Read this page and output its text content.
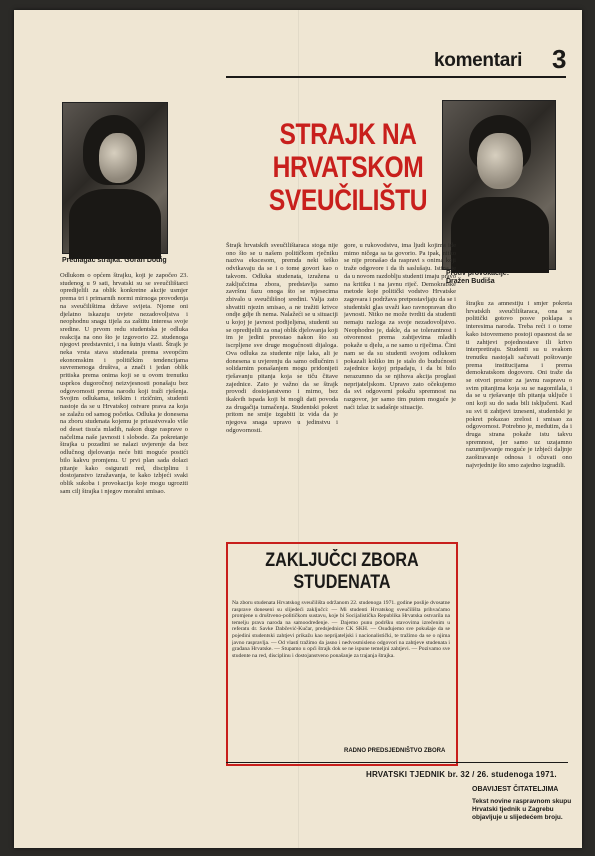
komentari 3
Predlagač štrajka: Goran Dodig
Protiv provokacije: Dražen Budiša
STRAJK NA
HRVATSKOM
SVEUČILIŠTU
Odlukom o općem štrajku, koji je započeo 23. studenog u 9 sati, hrvatski su se sveučilištarci opredijelili za oblik konkretne akcije usmjer prema tri i primarnih normi mirnoga provođenja na sveučilištima države svijeta. Njome oni djelatno iskazuju uvjete nezadovoljstva i neophodnu snagu tijela za zaštitu interesa svoje sredine. U prvom redu studentska je odluka reakcija na ono što je izgovorio 22. studenoga njegovi predstavnici, i na šutnju vlasti. Štrajk je neka vrsta stava studenata prema sveopćim ekonomskim i političkim tendencijama suvremenoga društva, a znači i jedan oblik pritiska prema onima koji se u ovom trenutku usprkos dugoročnoj neizvjesnosti ponašaju bez odgovornosti prema narodu koji traži rješenja. Svojim odlukama, teškim i rizičnim, studenti nastoje da se u Hrvatskoj ostvare prava za koja se zalažu od samog početka. Odluka je donesena na zboru studenata kojemu je prisustvovalo više od deset tisuća mladih, nakon duge rasprave o načelima naše javnosti i slobode. Za pokretanje štrajka u pozadini se nalazi uvjerenje da bez odlučnog djelovanja neće biti moguće postići bilo kakvu promjenu. U prvi plan sada dolazi pitanje kako osigurati red, disciplinu i dostojanstvo izražavanja, te kako izbjeći svaki oblik sukoba i provokacija koje mogu ugroziti sam cilj štrajka i njegov moralni smisao.
Štrajk hrvatskih sveučilištaraca stoga nije ono što se u našem političkom rječniku naziva ekscesom, premda neki teško odvikavaju da se i o tome govori kao o takvom. Odluka studenata, izražena u zaključcima zbora, predstavlja samo završnu fazu onoga što se mjesecima zbivalo u sveučilišnoj sredini. Valja zato shvatiti njezin smisao, a ne tražiti krivce ondje gdje ih nema. Nalažeći se u situaciji u kojoj je javnost podijeljena, studenti su se opredijelili za onaj oblik djelovanja koji im je jedini preostao nakon što su iscrpljene sve druge mogućnosti dijaloga. Ova odluka za studente nije laka, ali je donesena u uvjerenju da samo odlučnim i solidarnim ponašanjem mogu pridonijeti rješavanju pitanja koja se tiču čitave zajednice. Zato je važno da se štrajk provodi dostojanstveno i mirno, bez ikakvih ispada koji bi mogli dati povoda za drugačija tumačenja. Studentski pokret pritom ne smije izgubiti iz vida da je njegova snaga upravo u jedinstvu i odgovornosti.
gore, u rukovodstvu, ima ljudi kojima ide mimo ničega sa ta govorio. Pa ipak, nitko se nije pronašao da raspravi s onima koji traže odgovore i da ih saslušaju. Istina je da u novom razdoblju studenti imaju pravo na kritiku i na javnu riječ. Demokratske metode koje politički vodstvo Hrvatske zagovara i podržava pretpostavljaju da se i studentski glas uvaži kao ravnopravan dio javnosti. Nitko ne može tvrditi da studenti nemaju razloga za svoje nezadovoljstvo. Neophodno je, dakle, da se tolerantnost i otvorenost prema zahtjevima mladih pokaže u djelu, a ne samo u riječima. Čini nam se da su studenti svojom odlukom pokazali koliko im je stalo do budućnosti zajednice kojoj pripadaju, i da bi bilo nerazumno da se njihova akcija proglasi neprijateljskom. Upravo zato očekujemo da svi odgovorni pokažu spremnost na razgovor, jer samo tim putem moguće je naći izlaz iz sadašnje situacije.
štrajku za amnestiju i smjer pokreta hrvatskih sveučilištaraca, ona se politički gotovo posve poklapa s interesima naroda. Treba reći i o tome kako istovremeno postoji opasnost da se ti zahtjevi pojednostave ili krivo interpretiraju. Studenti su u svakom trenutku nastojali sačuvati poštovanje prema institucijama i prema demokratskom dogovoru. Oni traže da se otvori prostor za javnu raspravu o svim pitanjima koja su se nagomilala, i da se u rješavanje tih pitanja uključe i oni koji su do sada bili isključeni. Kad su svi ti zahtjevi izneseni, studentski je pokret pokazao zrelost i smisao za odgovornost. Potrebno je, međutim, da i druga strana pokaže istu takvu spremnost, jer samo uz uzajamno razumijevanje moguće je izbjeći daljnje zaoštravanje odnosa i očuvati ono najvrjednije što smo zajedno izgradili.
ZAKLJUČCI ZBORA
STUDENATA
Na zboru studenata Hrvatskog sveučilišta održanom 22. studenoga 1971. godine poslije dvosatne rasprave doneseni su slijedeći zaključci: — Mi studenti Hrvatskog sveučilišta prihvaćamo promjene u društveno-političkom sustavu, koje bi Socijalistička Republika Hrvatska ostvarila na temelju prava naroda na samoodređenje. — Dajemo punu podršku stavovima izrečenim u referatu dr. Savke Dabčević-Kučar, predsjednice CK SKH. — Osuđujemo sve pokušaje da se pojedini studentski zahtjevi prikažu kao neprijateljski i nacionalistički, te tražimo da se o njima javno raspravlja. — Od vlasti tražimo da jasno i nedvosmisleno odgovori na zahtjeve studenata i građana Hrvatske. — Stupamo u opći štrajk dok se ne ispune temeljni zahtjevi. — Pozivamo sve studente na red, disciplinu i dostojanstveno ponašanje za trajanja štrajka.
RADNO PREDSJEDNIŠTVO ZBORA
OBAVIJEST ČITATELJIMA
Tekst novine raspravnom skupu Hrvatski tjednik u Zagrebu objavljuje u slijedećem broju.
HRVATSKI TJEDNIK br. 32 / 26. studenoga 1971.
